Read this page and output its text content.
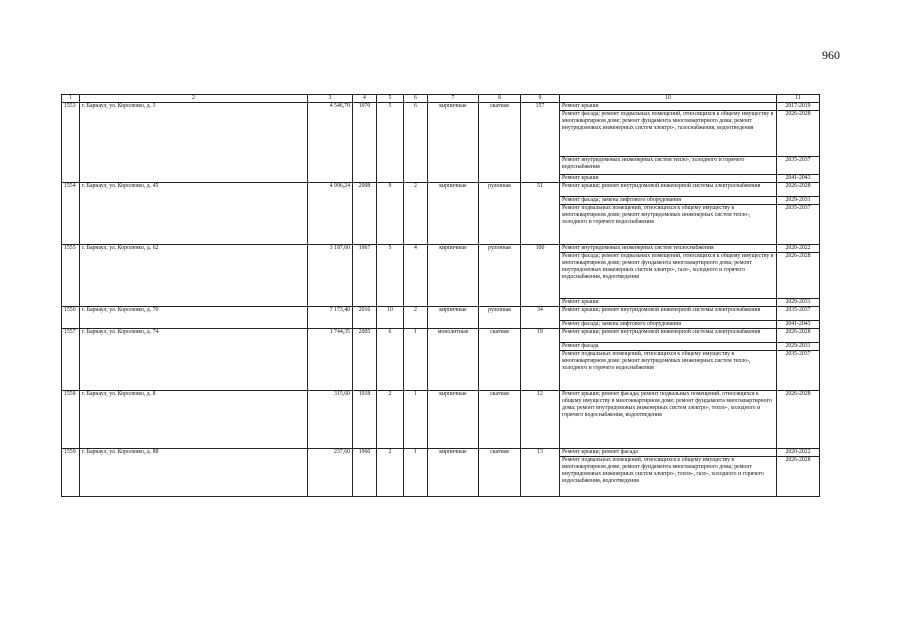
960
1	2	3	4	5	6	7	8	9	10	11
1553	г. Барнаул, ул. Короленко, д. 3	4 546,70	1970	5	6	кирпичные	скатная	157	Ремонт крыши	2017-2019
									Ремонт фасада; ремонт подвальных помещений, относящихся к общему имуществу в многоквартирном доме; ремонт фундамента многоквартирного дома; ремонт внутридомовых инженерных систем электро-, газоснабжения, водоотведения	2026-2028
									Ремонт внутридомовых инженерных систем тепло-, холодного и горячего водоснабжения	2035-2037
									Ремонт крыши	2041-2043
1554	г. Барнаул, ул. Короленко, д. 45	4 996,24	2008	9	2	кирпичные	рулонная	51	Ремонт крыши; ремонт внутридомовой инженерной системы электроснабжения	2026-2028
									Ремонт фасада; замена лифтового оборудования	2029-2031
									Ремонт подвальных помещений, относящихся к общему имуществу в многоквартирном доме; ремонт внутридомовых инженерных систем тепло-, холодного и горячего водоснабжения	2035-2037
1555	г. Барнаул, ул. Короленко, д. 62	3 187,60	1967	5	4	кирпичные	рулонная	100	Ремонт внутридомовых инженерных систем теплоснабжения	2020-2022
									Ремонт фасада; ремонт подвальных помещений, относящихся к общему имуществу в многоквартирном доме; ремонт фундамента многоквартирного дома; ремонт внутридомовых инженерных систем электро-, газо-, холодного и горячего водоснабжения, водоотведения	2026-2028
									Ремонт крыши	2029-2031
1556	г. Барнаул, ул. Короленко, д. 70	7 173,40	2016	10	2	кирпичные	рулонная	34	Ремонт крыши; ремонт внутридомовой инженерной системы электроснабжения	2035-2037
									Ремонт фасада; замена лифтового оборудования	2041-2043
1557	г. Барнаул, ул. Короленко, д. 74	1 744,35	2005	6	1	монолитные	скатная	19	Ремонт крыши; ремонт внутридомовой инженерной системы электроснабжения	2026-2028
									Ремонт фасада	2029-2031
									Ремонт подвальных помещений, относящихся к общему имуществу в многоквартирном доме; ремонт внутридомовых инженерных систем тепло-, холодного и горячего водоснабжения	2035-2037
1558	г. Барнаул, ул. Короленко, д. 8	315,60	1918	2	1	кирпичные	скатная	12	Ремонт крыши; ремонт фасада; ремонт подвальных помещений, относящихся к общему имуществу в многоквартирном доме; ремонт фундамента многоквартирного дома; ремонт внутридомовых инженерных систем электро-, тепло-, холодного и горячего водоснабжения, водоотведения	2026-2028
1559	г. Барнаул, ул. Короленко, д. 88	237,60	1960	2	1	кирпичные	скатная	13	Ремонт крыши; ремонт фасада	2020-2022
									Ремонт подвальных помещений, относящихся к общему имуществу в многоквартирном доме; ремонт фундамента многоквартирного дома; ремонт внутридомовых инженерных систем электро-, тепло-, газо-, холодного и горячего водоснабжения, водоотведения	2026-2028
